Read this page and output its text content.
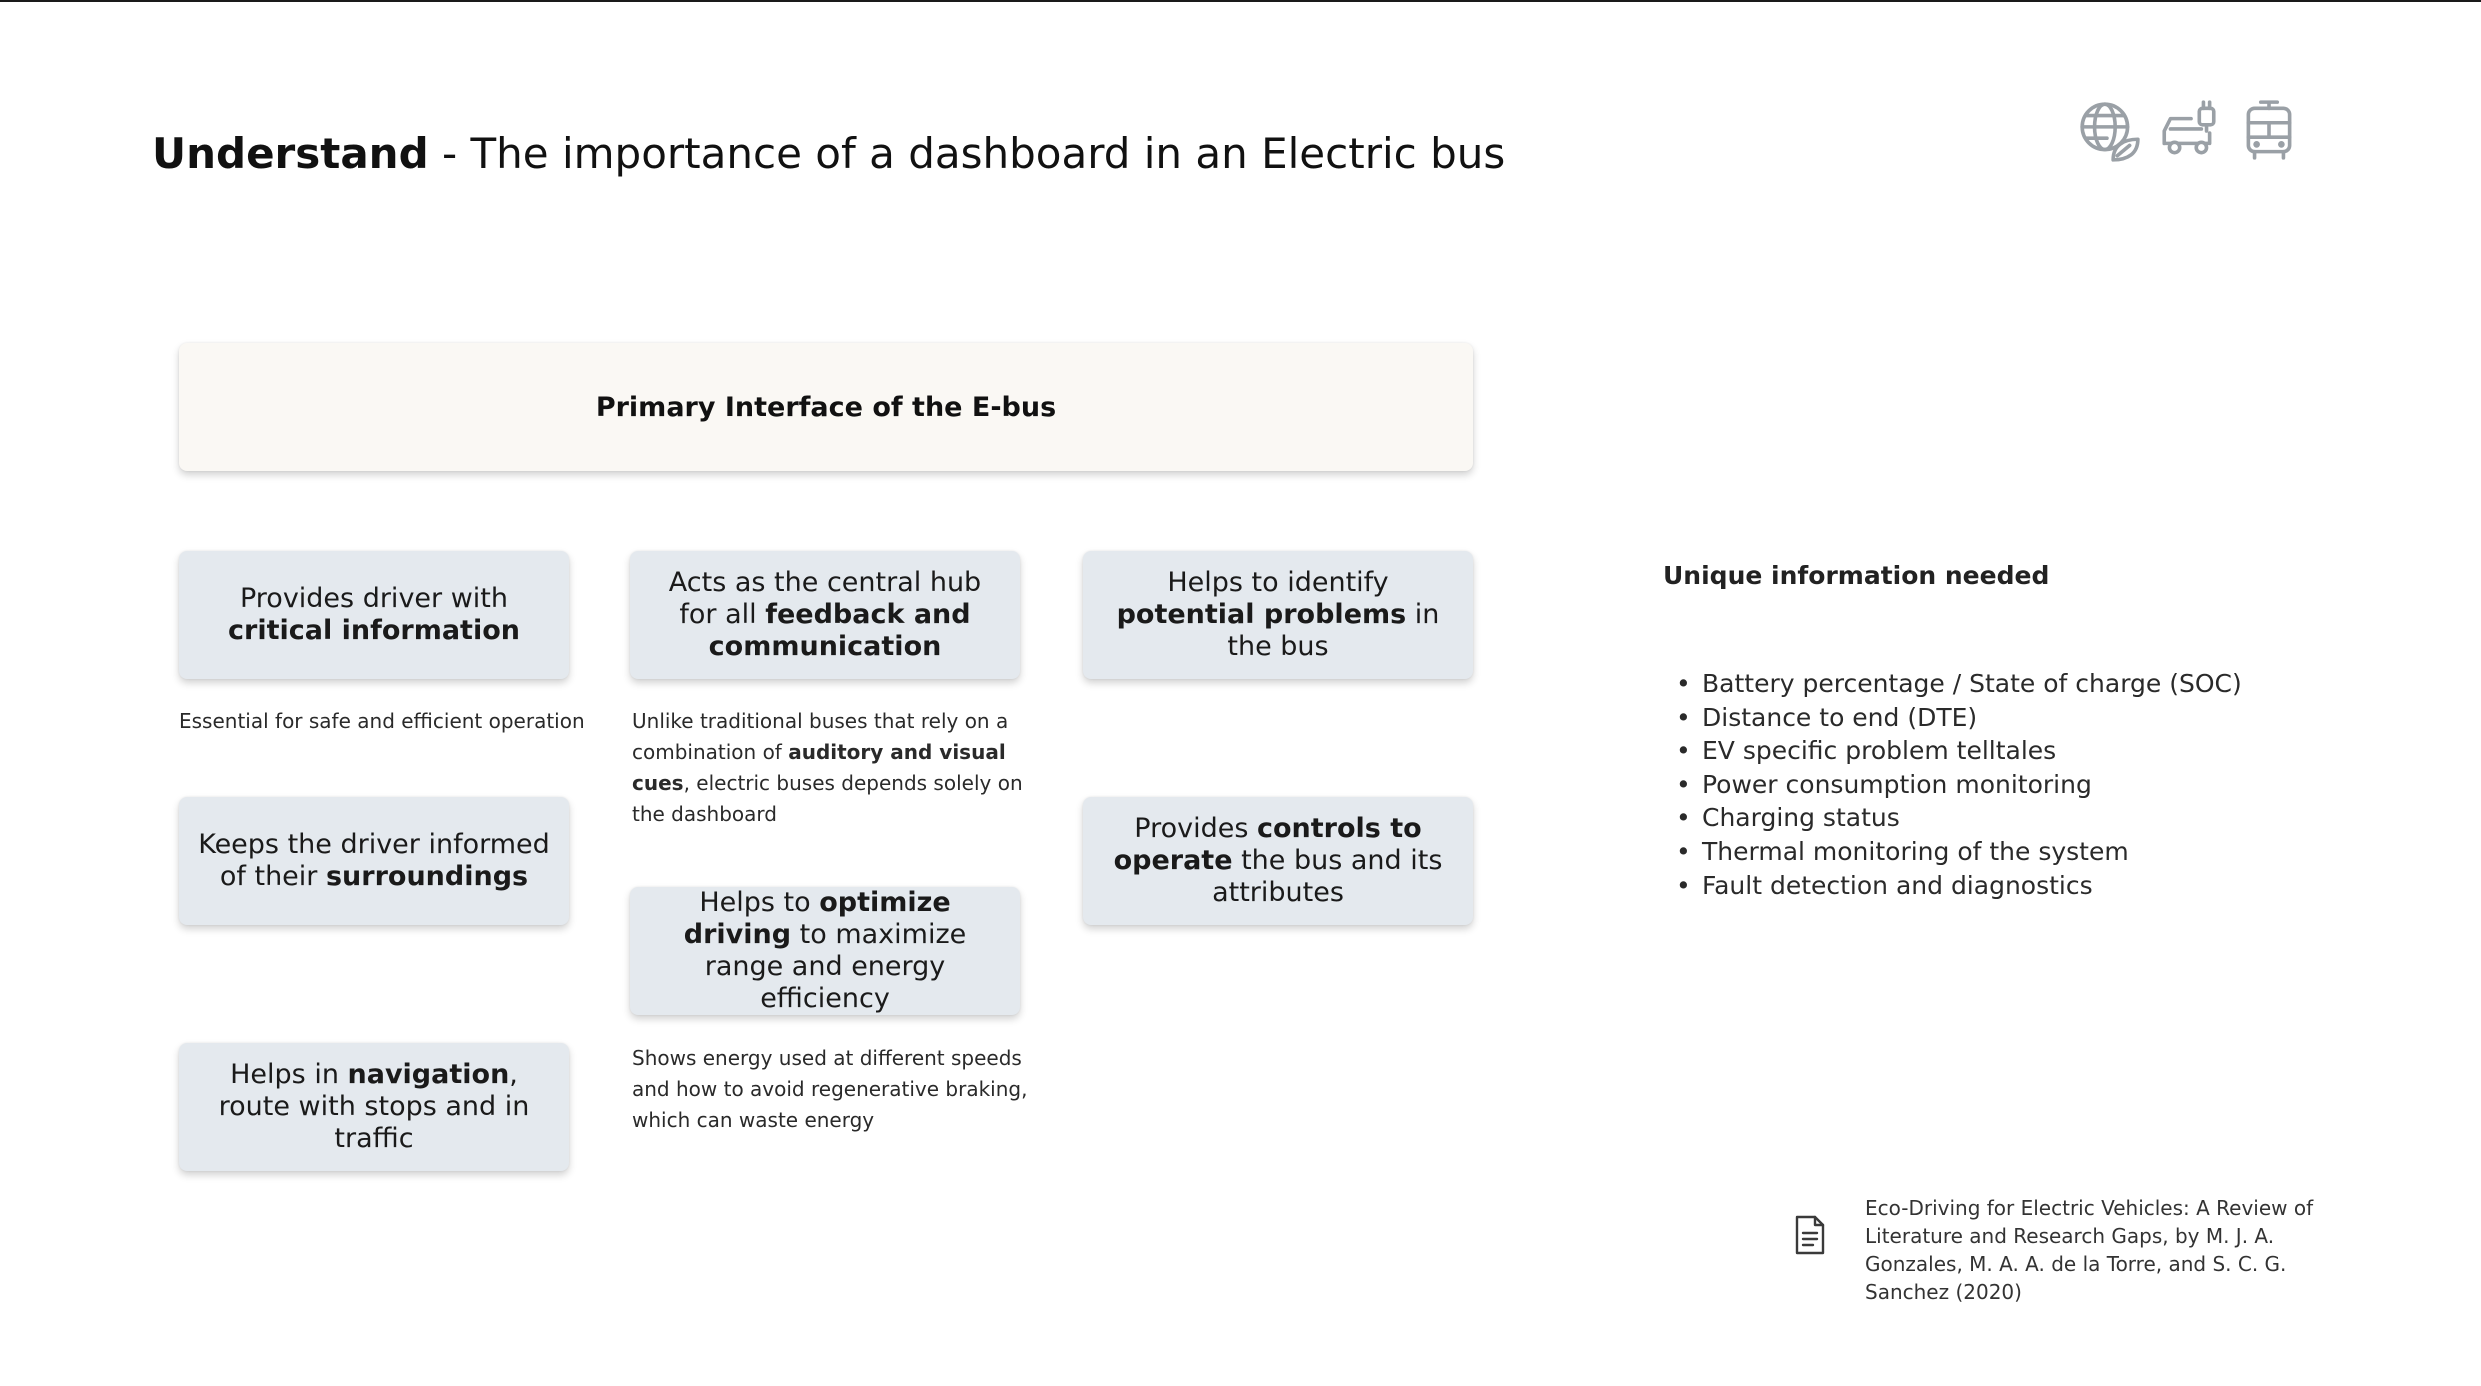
Understand - The importance of a dashboard in an Electric bus
Primary Interface of the E-bus
Provides driver with
critical information
Essential for safe and efficient operation
Keeps the driver informed of their surroundings
Helps in navigation, route with stops and in traffic
Acts as the central hub for all feedback and communication
Unlike traditional buses that rely on a combination of auditory and visual cues, electric buses depends solely on the dashboard
Helps to optimize driving to maximize range and energy efficiency
Shows energy used at different speeds and how to avoid regenerative braking, which can waste energy
Helps to identify potential problems in the bus
Provides controls to operate the bus and its attributes
Unique information needed
• Battery percentage / State of charge (SOC)
• Distance to end (DTE)
• EV specific problem telltales
• Power consumption monitoring
• Charging status
• Thermal monitoring of the system
• Fault detection and diagnostics
Eco-Driving for Electric Vehicles: A Review of Literature and Research Gaps, by M. J. A. Gonzales, M. A. A. de la Torre, and S. C. G. Sanchez (2020)
